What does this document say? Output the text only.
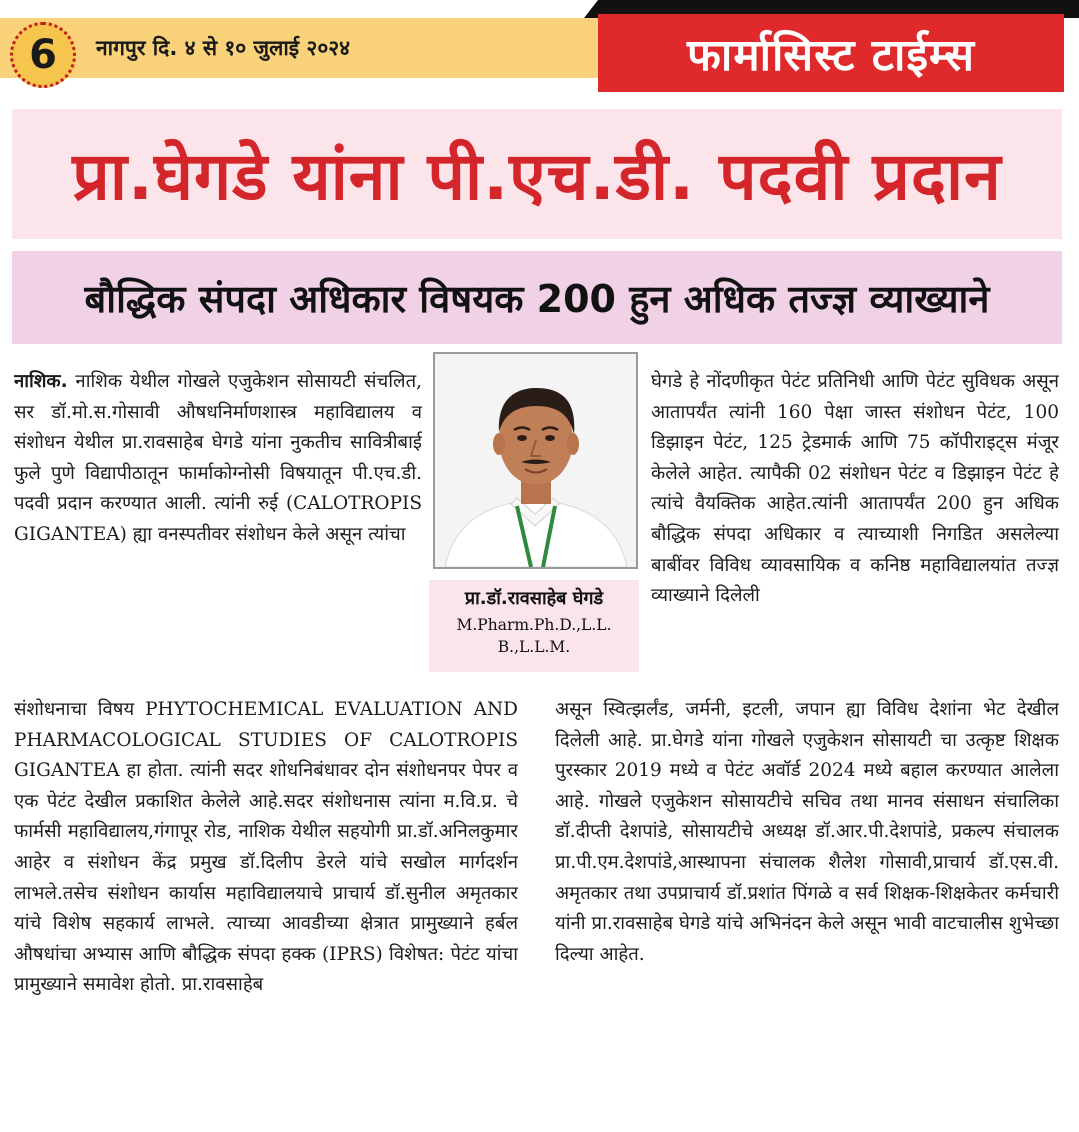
6	नागपुर दि. ४ से १० जुलाई २०२४	फार्मासिस्ट टाईम्स
प्रा.घेगडे यांना पी.एच.डी. पदवी प्रदान
बौद्धिक संपदा अधिकार विषयक 200 हुन अधिक तज्ज्ञ व्याख्याने
नाशिक. नाशिक येथील गोखले एजुकेशन सोसायटी संचलित, सर डॉ.मो.स.गोसावी औषधनिर्माणशास्त्र महाविद्यालय व संशोधन येथील प्रा.रावसाहेब घेगडे यांना नुकतीच सावित्रीबाई फुले पुणे विद्यापीठातून फार्माकोग्नोसी विषयातून पी.एच.डी. पदवी प्रदान करण्यात आली. त्यांनी रुई (CALOTROPIS GIGANTEA) ह्या वनस्पतीवर संशोधन केले असून त्यांचा
प्रा.डॉ.रावसाहेब घेगडे
M.Pharm.Ph.D.,L.L. B.,L.L.M.
घेगडे हे नोंदणीकृत पेटंट प्रतिनिधी आणि पेटंट सुविधक असून आतापर्यंत त्यांनी 160 पेक्षा जास्त संशोधन पेटंट, 100 डिझाइन पेटंट, 125 ट्रेडमार्क आणि 75 कॉपीराइट्स मंजूर केलेले आहेत. त्यापैकी 02 संशोधन पेटंट व डिझाइन पेटंट हे त्यांचे वैयक्तिक आहेत.त्यांनी आतापर्यंत 200 हुन अधिक बौद्धिक संपदा अधिकार व त्याच्याशी निगडित असलेल्या बाबींवर विविध व्यावसायिक व कनिष्ठ महाविद्यालयांत तज्ज्ञ व्याख्याने दिलेली
संशोधनाचा विषय PHYTOCHEMICAL EVALUATION AND PHARMACOLOGICAL STUDIES OF CALOTROPIS GIGANTEA हा होता. त्यांनी सदर शोधनिबंधावर दोन संशोधनपर पेपर व एक पेटंट देखील प्रकाशित केलेले आहे.सदर संशोधनास त्यांना म.वि.प्र. चे फार्मसी महाविद्यालय,गंगापूर रोड, नाशिक येथील सहयोगी प्रा.डॉ.अनिलकुमार आहेर व संशोधन केंद्र प्रमुख डॉ.दिलीप डेरले यांचे सखोल मार्गदर्शन लाभले.तसेच संशोधन कार्यास महाविद्यालयाचे प्राचार्य डॉ.सुनील अमृतकार यांचे विशेष सहकार्य लाभले. त्याच्या आवडीच्या क्षेत्रात प्रामुख्याने हर्बल औषधांचा अभ्यास आणि बौद्धिक संपदा हक्क (IPRS) विशेषत: पेटंट यांचा प्रामुख्याने समावेश होतो. प्रा.रावसाहेब
असून स्वित्झर्लंड, जर्मनी, इटली, जपान ह्या विविध देशांना भेट देखील दिलेली आहे. प्रा.घेगडे यांना गोखले एजुकेशन सोसायटी चा उत्कृष्ट शिक्षक पुरस्कार 2019 मध्ये व पेटंट अवॉर्ड 2024 मध्ये बहाल करण्यात आलेला आहे. गोखले एजुकेशन सोसायटीचे सचिव तथा मानव संसाधन संचालिका डॉ.दीप्ती देशपांडे, सोसायटीचे अध्यक्ष डॉ.आर.पी.देशपांडे, प्रकल्प संचालक प्रा.पी.एम.देशपांडे,आस्थापना संचालक शैलेश गोसावी,प्राचार्य डॉ.एस.वी. अमृतकार तथा उपप्राचार्य डॉ.प्रशांत पिंगळे व सर्व शिक्षक-शिक्षकेतर कर्मचारी यांनी प्रा.रावसाहेब घेगडे यांचे अभिनंदन केले असून भावी वाटचालीस शुभेच्छा दिल्या आहेत.
